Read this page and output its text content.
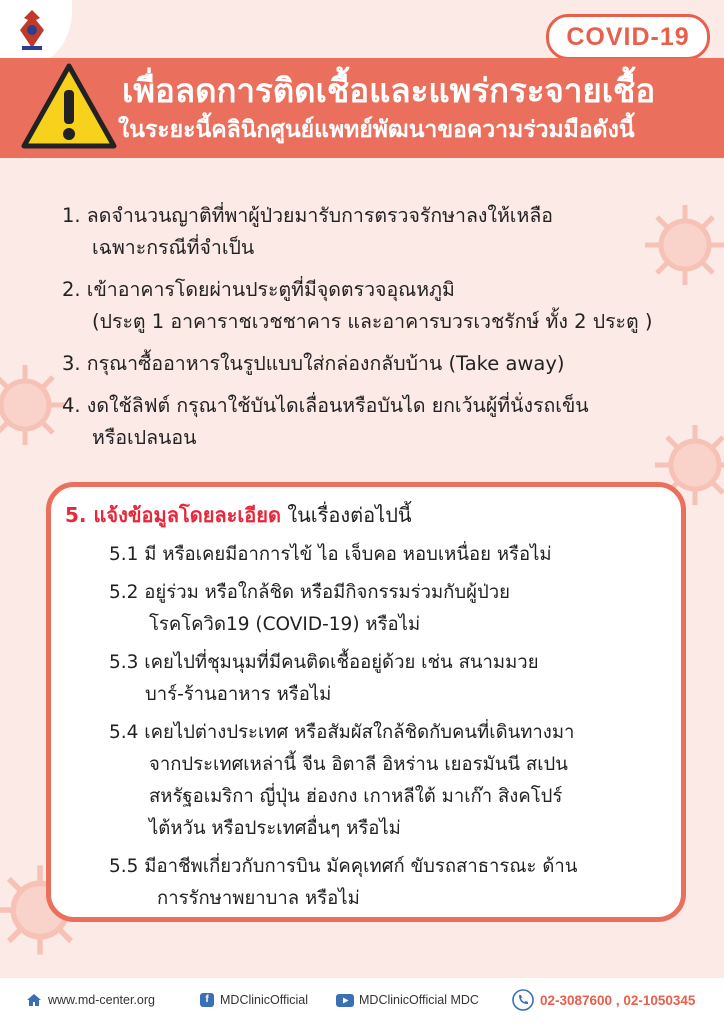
COVID-19
เพื่อลดการติดเชื้อและแพร่กระจายเชื้อ
ในระยะนี้คลินิกศูนย์แพทย์พัฒนาขอความร่วมมือดังนี้
1. ลดจำนวนญาติที่พาผู้ป่วยมารับการตรวจรักษาลงให้เหลือ
เฉพาะกรณีที่จำเป็น
2. เข้าอาคารโดยผ่านประตูที่มีจุดตรวจอุณหภูมิ
(ประตู 1 อาคาราชเวชชาคาร และอาคารบวรเวชรักษ์ ทั้ง 2 ประตู )
3. กรุณาซื้ออาหารในรูปแบบใส่กล่องกลับบ้าน (Take away)
4. งดใช้ลิฟต์ กรุณาใช้บันไดเลื่อนหรือบันได ยกเว้นผู้ที่นั่งรถเข็น
หรือเปลนอน
5. แจ้งข้อมูลโดยละเอียด ในเรื่องต่อไปนี้
5.1 มี หรือเคยมีอาการไข้ ไอ เจ็บคอ หอบเหนื่อย หรือไม่
5.2 อยู่ร่วม หรือใกล้ชิด หรือมีกิจกรรมร่วมกับผู้ป่วย
โรคโควิด19 (COVID-19) หรือไม่
5.3 เคยไปที่ชุมนุมที่มีคนติดเชื้ออยู่ด้วย เช่น สนามมวย
บาร์-ร้านอาหาร หรือไม่
5.4 เคยไปต่างประเทศ หรือสัมผัสใกล้ชิดกับคนที่เดินทางมา
จากประเทศเหล่านี้ จีน อิตาลี อิหร่าน เยอรมันนี สเปน
สหรัฐอเมริกา ญี่ปุ่น ฮ่องกง เกาหลีใต้ มาเก๊า สิงคโปร์
ไต้หวัน หรือประเทศอื่นๆ หรือไม่
5.5 มีอาชีพเกี่ยวกับการบิน มัคคุเทศก์ ขับรถสาธารณะ ด้าน
การรักษาพยาบาล หรือไม่
www.md-center.org	f MDClinicOfficial	MDClinicOfficial MDC	02-3087600 , 02-1050345
